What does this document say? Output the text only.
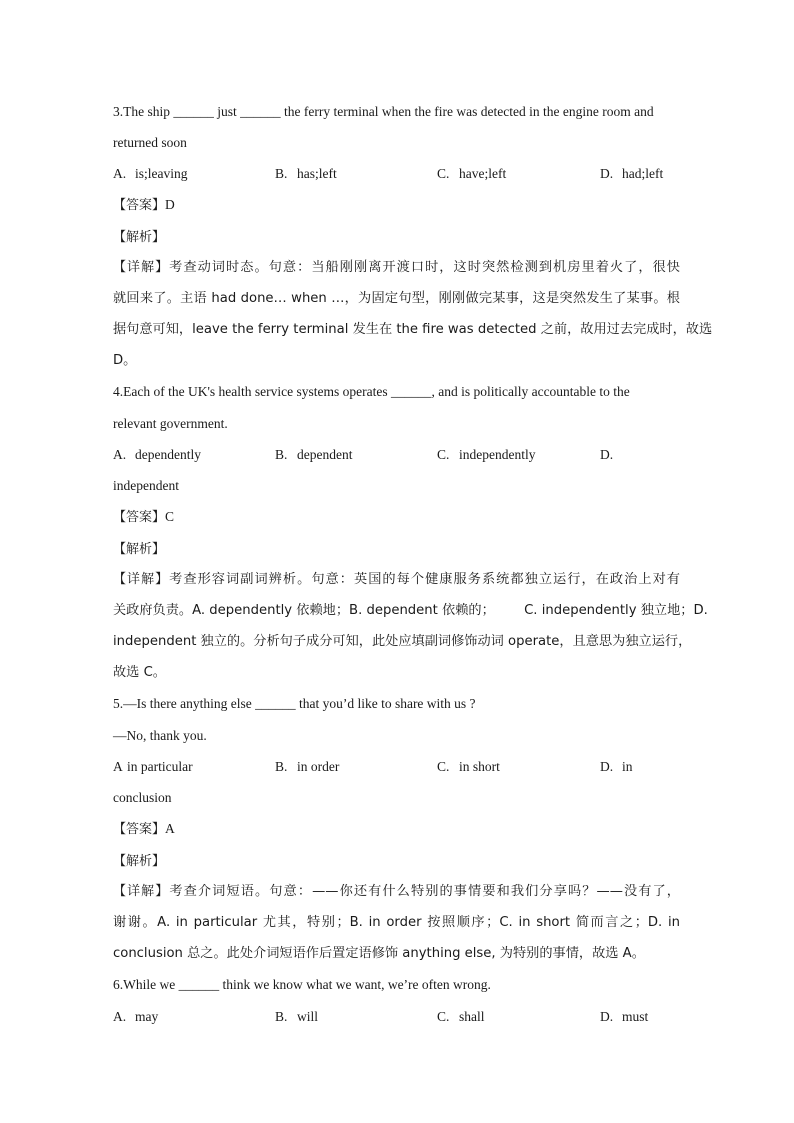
3.The ship ______ just ______ the ferry terminal when the fire was detected in the engine room and
returned soon
A. is;leaving	B. has;left	C. have;left	D. had;left
【答案】D
【解析】
【详解】考查动词时态。句意：当船刚刚离开渡口时，这时突然检测到机房里着火了，很快
就回来了。主语 had done… when …，为固定句型，刚刚做完某事，这是突然发生了某事。根
据句意可知，leave the ferry terminal 发生在 the fire was detected 之前，故用过去完成时，故选
D。
4.Each of the UK's health service systems operates ______, and is politically accountable to the
relevant government.
A. dependently	B. dependent	C. independently	D.
independent
【答案】C
【解析】
【详解】考查形容词副词辨析。句意：英国的每个健康服务系统都独立运行，在政治上对有
关政府负责。A. dependently 依赖地；B. dependent 依赖的；       C. independently 独立地；D.
independent 独立的。分析句子成分可知，此处应填副词修饰动词 operate，且意思为独立运行，
故选 C。
5.—Is there anything else ______ that you’d like to share with us ?
—No, thank you.
A in particular	B. in order	C. in short	D. in
conclusion
【答案】A
【解析】
【详解】考查介词短语。句意：——你还有什么特别的事情要和我们分享吗？——没有了，
谢谢。A. in particular 尤其，特别；B. in order 按照顺序；C. in short 简而言之；D. in
conclusion 总之。此处介词短语作后置定语修饰 anything else, 为特别的事情，故选 A。
6.While we ______ think we know what we want, we’re often wrong.
A. may	B. will	C. shall	D. must
